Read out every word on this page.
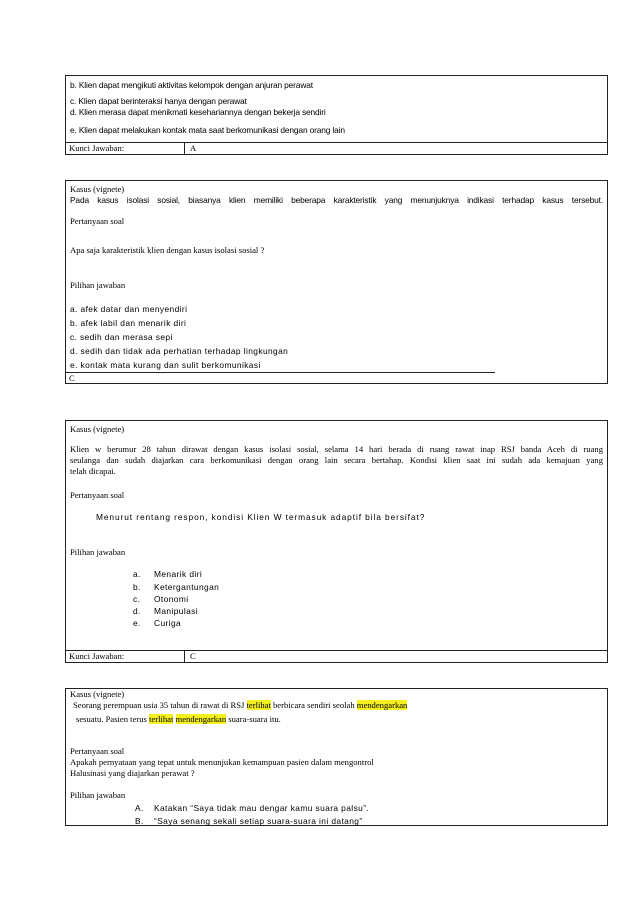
b. Klien dapat mengikuti aktivitas kelompok dengan anjuran perawat
c. Klien dapat berinteraksi hanya dengan perawat
d. Klien merasa dapat menikmati kesehariannya dengan bekerja sendiri
e. Klien dapat melakukan kontak mata saat berkomunikasi dengan orang lain
Kunci Jawaban:	A
Kasus (vignete)
Pada kasus isolasi sosial, biasanya klien memiliki beberapa karakteristik yang menunjuknya indikasi terhadap kasus tersebut.
Pertanyaan soal
Apa saja karakteristik klien dengan kasus isolasi sosial ?
Pilihan jawaban
a. afek datar dan menyendiri
b. afek labil dan menarik diri
c. sedih dan merasa sepi
d. sedih dan tidak ada perhatian terhadap lingkungan
e. kontak mata kurang dan sulit berkomunikasi
C
Kasus (vignete)
Klien w berumur 28 tahun dirawat dengan kasus isolasi sosial, selama 14 hari berada di ruang rawat inap RSJ banda Aceh di ruang
seulanga dan sudah diajarkan cara berkomunikasi dengan orang lain secara bertahap. Kondisi klien saat ini sudah ada kemajuan yang
telah dicapai.
Pertanyaan soal
Menurut rentang respon, kondisi Klien W termasuk adaptif bila bersifat?
Pilihan jawaban
a. Menarik diri
b. Ketergantungan
c. Otonomi
d. Manipulasi
e. Curiga
Kunci Jawaban:	C
Kasus (vignete)
Seorang perempuan usia 35 tahun di rawat di RSJ terlihat berbicara sendiri seolah mendengarkan
sesuatu. Pasien terus terlihat mendengarkan suara-suara itu.
Pertanyaan soal
Apakah pernyataan yang tepat untuk menunjukan kemampuan pasien dalam mengontrol
Halusinasi yang diajarkan perawat ?
Pilihan jawaban
A. Katakan “Saya tidak mau dengar kamu suara palsu”.
B. “Saya senang sekali setiap suara-suara ini datang”
